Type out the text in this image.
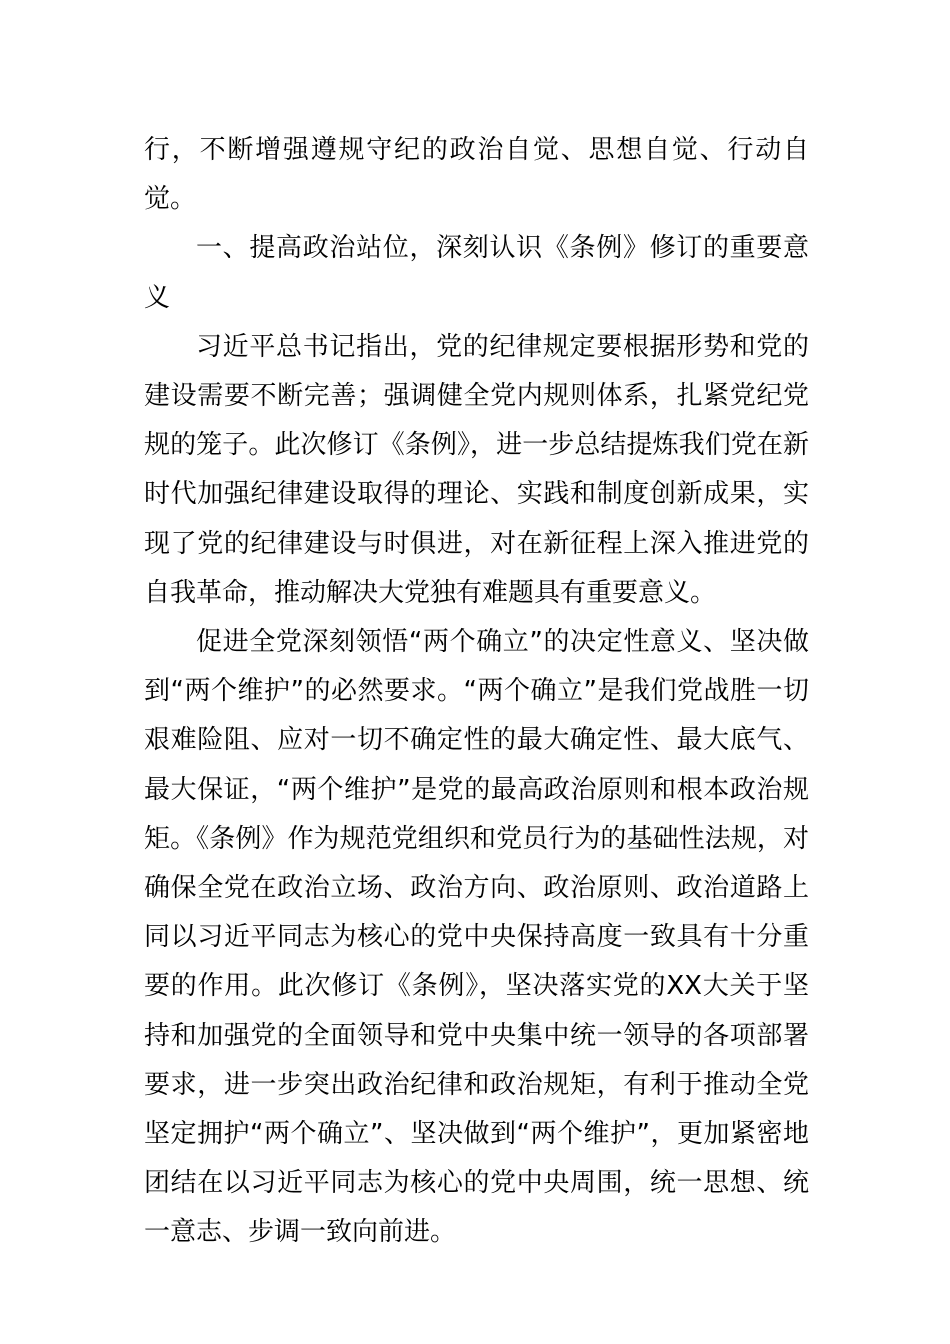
行，不断增强遵规守纪的政治自觉、思想自觉、行动自觉。

一、提高政治站位，深刻认识《条例》修订的重要意义

习近平总书记指出，党的纪律规定要根据形势和党的建设需要不断完善；强调健全党内规则体系，扎紧党纪党规的笼子。此次修订《条例》，进一步总结提炼我们党在新时代加强纪律建设取得的理论、实践和制度创新成果，实现了党的纪律建设与时俱进，对在新征程上深入推进党的自我革命，推动解决大党独有难题具有重要意义。

促进全党深刻领悟“两个确立”的决定性意义、坚决做到“两个维护”的必然要求。“两个确立”是我们党战胜一切艰难险阻、应对一切不确定性的最大确定性、最大底气、最大保证，“两个维护”是党的最高政治原则和根本政治规矩。《条例》作为规范党组织和党员行为的基础性法规，对确保全党在政治立场、政治方向、政治原则、政治道路上同以习近平同志为核心的党中央保持高度一致具有十分重要的作用。此次修订《条例》，坚决落实党的XX大关于坚持和加强党的全面领导和党中央集中统一领导的各项部署要求，进一步突出政治纪律和政治规矩，有利于推动全党坚定拥护“两个确立”、坚决做到“两个维护”，更加紧密地团结在以习近平同志为核心的党中央周围，统一思想、统一意志、步调一致向前进。
